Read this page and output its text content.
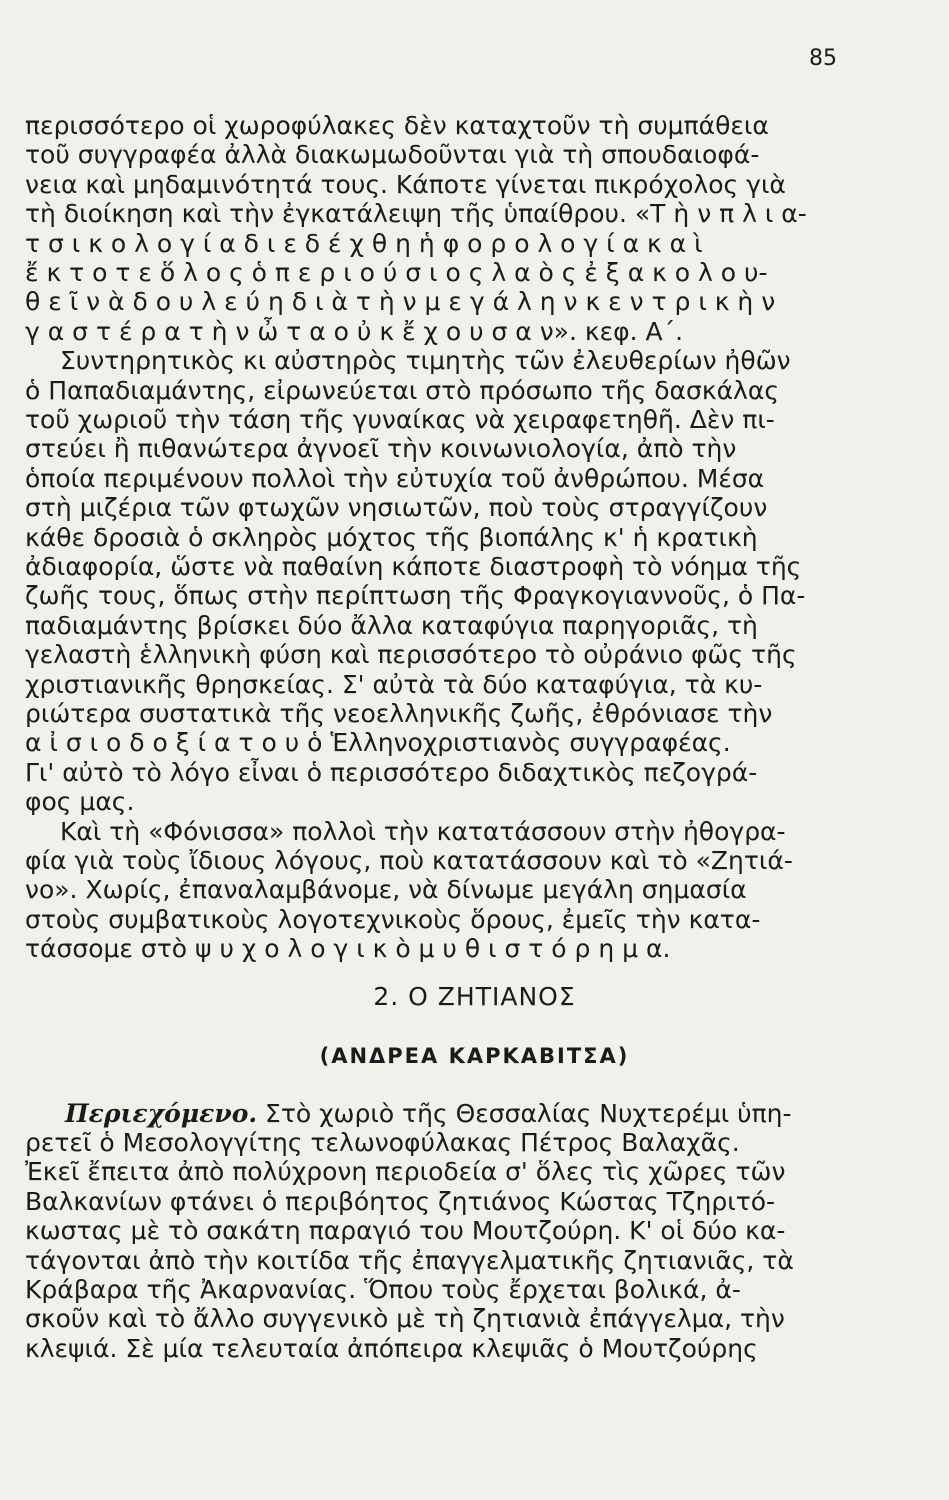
85
περισσότερο οἱ χωροφύλακες δὲν καταχτοῦν τὴ συμπάθεια
τοῦ συγγραφέα ἀλλὰ διακωμωδοῦνται γιὰ τὴ σπουδαιοφά-
νεια καὶ μηδαμινότητά τους. Κάποτε γίνεται πικρόχολος γιὰ
τὴ διοίκηση καὶ τὴν ἐγκατάλειψη τῆς ὑπαίθρου. «Τ ὴ ν π λ ι α-
τ σ ι κ ο λ ο γ ί α δ ι ε δ έ χ θ η ἡ φ ο ρ ο λ ο γ ί α κ α ὶ
ἔ κ τ ο τ ε ὅ λ ο ς ὁ π ε ρ ι ο ύ σ ι ο ς λ α ὸ ς ἐ ξ α κ ο λ ο υ-
θ ε ῖ ν ὰ δ ο υ λ ε ύ η δ ι ὰ τ ὴ ν μ ε γ ά λ η ν κ ε ν τ ρ ι κ ὴ ν
γ α σ τ έ ρ α τ ὴ ν ὦ τ α ο ὐ κ ἔ χ ο υ σ α ν». κεφ. Α΄.
Συντηρητικὸς κι αὐστηρὸς τιμητὴς τῶν ἐλευθερίων ἠθῶν
ὁ Παπαδιαμάντης, εἰρωνεύεται στὸ πρόσωπο τῆς δασκάλας
τοῦ χωριοῦ τὴν τάση τῆς γυναίκας νὰ χειραφετηθῆ. Δὲν πι-
στεύει ἢ πιθανώτερα ἀγνοεῖ τὴν κοινωνιολογία, ἀπὸ τὴν
ὁποία περιμένουν πολλοὶ τὴν εὐτυχία τοῦ ἀνθρώπου. Μέσα
στὴ μιζέρια τῶν φτωχῶν νησιωτῶν, ποὺ τοὺς στραγγίζουν
κάθε δροσιὰ ὁ σκληρὸς μόχτος τῆς βιοπάλης κ' ἡ κρατικὴ
ἀδιαφορία, ὥστε νὰ παθαίνη κάποτε διαστροφὴ τὸ νόημα τῆς
ζωῆς τους, ὅπως στὴν περίπτωση τῆς Φραγκογιαννοῦς, ὁ Πα-
παδιαμάντης βρίσκει δύο ἄλλα καταφύγια παρηγοριᾶς, τὴ
γελαστὴ ἑλληνικὴ φύση καὶ περισσότερο τὸ οὐράνιο φῶς τῆς
χριστιανικῆς θρησκείας. Σ' αὐτὰ τὰ δύο καταφύγια, τὰ κυ-
ριώτερα συστατικὰ τῆς νεοελληνικῆς ζωῆς, ἐθρόνιασε τὴν
α ἰ σ ι ο δ ο ξ ί α τ ο υ ὁ Ἑλληνοχριστιανὸς συγγραφέας.
Γι' αὐτὸ τὸ λόγο εἶναι ὁ περισσότερο διδαχτικὸς πεζογρά-
φος μας.
Καὶ τὴ «Φόνισσα» πολλοὶ τὴν κατατάσσουν στὴν ἠθογρα-
φία γιὰ τοὺς ἴδιους λόγους, ποὺ κατατάσσουν καὶ τὸ «Ζητιά-
νο». Χωρίς, ἐπαναλαμβάνομε, νὰ δίνωμε μεγάλη σημασία
στοὺς συμβατικοὺς λογοτεχνικοὺς ὅρους, ἐμεῖς τὴν κατα-
τάσσομε στὸ ψ υ χ ο λ ο γ ι κ ὸ μ υ θ ι σ τ ό ρ η μ α.
2. Ο ΖΗΤΙΑΝΟΣ
(ΑΝΔΡΕΑ ΚΑΡΚΑΒΙΤΣΑ)
Περιεχόμενο. Στὸ χωριὸ τῆς Θεσσαλίας Νυχτερέμι ὑπη-
ρετεῖ ὁ Μεσολογγίτης τελωνοφύλακας Πέτρος Βαλαχᾶς.
Ἐκεῖ ἔπειτα ἀπὸ πολύχρονη περιοδεία σ' ὅλες τὶς χῶρες τῶν
Βαλκανίων φτάνει ὁ περιβόητος ζητιάνος Κώστας Τζηριτό-
κωστας μὲ τὸ σακάτη παραγιό του Μουτζούρη. Κ' οἱ δύο κα-
τάγονται ἀπὸ τὴν κοιτίδα τῆς ἐπαγγελματικῆς ζητιανιᾶς, τὰ
Κράβαρα τῆς Ἀκαρνανίας. Ὅπου τοὺς ἔρχεται βολικά, ἀ-
σκοῦν καὶ τὸ ἄλλο συγγενικὸ μὲ τὴ ζητιανιὰ ἐπάγγελμα, τὴν
κλεψιά. Σὲ μία τελευταία ἀπόπειρα κλεψιᾶς ὁ Μουτζούρης
